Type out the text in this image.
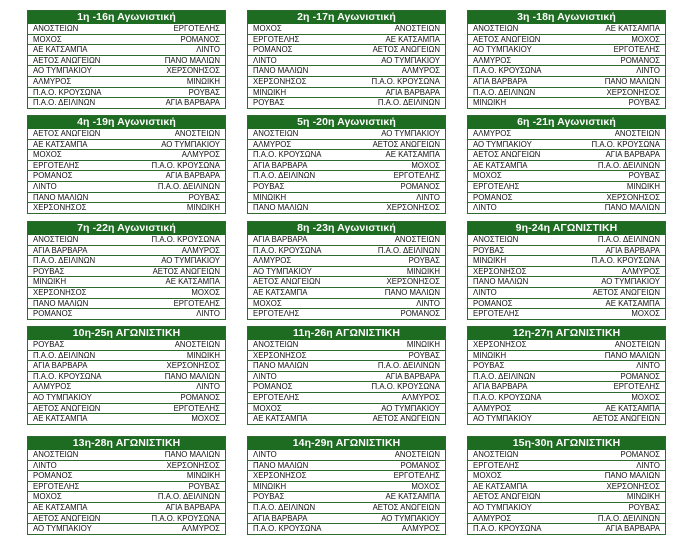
1η -16η Αγωνιστική
ΑΝΟΣΤΕΙΩΝ	ΕΡΓΟΤΕΛΗΣ
ΜΟΧΟΣ	ΡΟΜΑΝΟΣ
ΑΕ ΚΑΤΣΑΜΠΑ	ΛΙΝΤΟ
ΑΕΤΟΣ ΑΝΩΓΕΙΩΝ	ΠΑΝΟ ΜΑΛΙΩΝ
ΑΟ ΤΥΜΠΑΚΙΟΥ	ΧΕΡΣΟΝΗΣΟΣ
ΑΛΜΥΡΟΣ	ΜΙΝΩΙΚΗ
Π.Α.Ο. ΚΡΟΥΣΩΝΑ	ΡΟΥΒΑΣ
Π.Α.Ο. ΔΕΙΛΙΝΩΝ	ΑΓΙΑ ΒΑΡΒΑΡΑ
2η -17η Αγωνιστική
ΜΟΧΟΣ	ΑΝΟΣΤΕΙΩΝ
ΕΡΓΟΤΕΛΗΣ	ΑΕ ΚΑΤΣΑΜΠΑ
ΡΟΜΑΝΟΣ	ΑΕΤΟΣ ΑΝΩΓΕΙΩΝ
ΛΙΝΤΟ	ΑΟ ΤΥΜΠΑΚΙΟΥ
ΠΑΝΟ ΜΑΛΙΩΝ	ΑΛΜΥΡΟΣ
ΧΕΡΣΟΝΗΣΟΣ	Π.Α.Ο. ΚΡΟΥΣΩΝΑ
ΜΙΝΩΙΚΗ	ΑΓΙΑ ΒΑΡΒΑΡΑ
ΡΟΥΒΑΣ	Π.Α.Ο. ΔΕΙΛΙΝΩΝ
3η -18η Αγωνιστική
ΑΝΟΣΤΕΙΩΝ	ΑΕ ΚΑΤΣΑΜΠΑ
ΑΕΤΟΣ ΑΝΩΓΕΙΩΝ	ΜΟΧΟΣ
ΑΟ ΤΥΜΠΑΚΙΟΥ	ΕΡΓΟΤΕΛΗΣ
ΑΛΜΥΡΟΣ	ΡΟΜΑΝΟΣ
Π.Α.Ο. ΚΡΟΥΣΩΝΑ	ΛΙΝΤΟ
ΑΓΙΑ ΒΑΡΒΑΡΑ	ΠΑΝΟ ΜΑΛΙΩΝ
Π.Α.Ο. ΔΕΙΛΙΝΩΝ	ΧΕΡΣΟΝΗΣΟΣ
ΜΙΝΩΙΚΗ	ΡΟΥΒΑΣ
4η -19η Αγωνιστική
ΑΕΤΟΣ ΑΝΩΓΕΙΩΝ	ΑΝΟΣΤΕΙΩΝ
ΑΕ ΚΑΤΣΑΜΠΑ	ΑΟ ΤΥΜΠΑΚΙΟΥ
ΜΟΧΟΣ	ΑΛΜΥΡΟΣ
ΕΡΓΟΤΕΛΗΣ	Π.Α.Ο. ΚΡΟΥΣΩΝΑ
ΡΟΜΑΝΟΣ	ΑΓΙΑ ΒΑΡΒΑΡΑ
ΛΙΝΤΟ	Π.Α.Ο. ΔΕΙΛΙΝΩΝ
ΠΑΝΟ ΜΑΛΙΩΝ	ΡΟΥΒΑΣ
ΧΕΡΣΟΝΗΣΟΣ	ΜΙΝΩΙΚΗ
5η -20η Αγωνιστική
ΑΝΟΣΤΕΙΩΝ	ΑΟ ΤΥΜΠΑΚΙΟΥ
ΑΛΜΥΡΟΣ	ΑΕΤΟΣ ΑΝΩΓΕΙΩΝ
Π.Α.Ο. ΚΡΟΥΣΩΝΑ	ΑΕ ΚΑΤΣΑΜΠΑ
ΑΓΙΑ ΒΑΡΒΑΡΑ	ΜΟΧΟΣ
Π.Α.Ο. ΔΕΙΛΙΝΩΝ	ΕΡΓΟΤΕΛΗΣ
ΡΟΥΒΑΣ	ΡΟΜΑΝΟΣ
ΜΙΝΩΙΚΗ	ΛΙΝΤΟ
ΠΑΝΟ ΜΑΛΙΩΝ	ΧΕΡΣΟΝΗΣΟΣ
6η -21η Αγωνιστική
ΑΛΜΥΡΟΣ	ΑΝΟΣΤΕΙΩΝ
ΑΟ ΤΥΜΠΑΚΙΟΥ	Π.Α.Ο. ΚΡΟΥΣΩΝΑ
ΑΕΤΟΣ ΑΝΩΓΕΙΩΝ	ΑΓΙΑ ΒΑΡΒΑΡΑ
ΑΕ ΚΑΤΣΑΜΠΑ	Π.Α.Ο. ΔΕΙΛΙΝΩΝ
ΜΟΧΟΣ	ΡΟΥΒΑΣ
ΕΡΓΟΤΕΛΗΣ	ΜΙΝΩΙΚΗ
ΡΟΜΑΝΟΣ	ΧΕΡΣΟΝΗΣΟΣ
ΛΙΝΤΟ	ΠΑΝΟ ΜΑΛΙΩΝ
7η -22η Αγωνιστική
ΑΝΟΣΤΕΙΩΝ	Π.Α.Ο. ΚΡΟΥΣΩΝΑ
ΑΓΙΑ ΒΑΡΒΑΡΑ	ΑΛΜΥΡΟΣ
Π.Α.Ο. ΔΕΙΛΙΝΩΝ	ΑΟ ΤΥΜΠΑΚΙΟΥ
ΡΟΥΒΑΣ	ΑΕΤΟΣ ΑΝΩΓΕΙΩΝ
ΜΙΝΩΙΚΗ	ΑΕ ΚΑΤΣΑΜΠΑ
ΧΕΡΣΟΝΗΣΟΣ	ΜΟΧΟΣ
ΠΑΝΟ ΜΑΛΙΩΝ	ΕΡΓΟΤΕΛΗΣ
ΡΟΜΑΝΟΣ	ΛΙΝΤΟ
8η -23η Αγωνιστική
ΑΓΙΑ ΒΑΡΒΑΡΑ	ΑΝΟΣΤΕΙΩΝ
Π.Α.Ο. ΚΡΟΥΣΩΝΑ	Π.Α.Ο. ΔΕΙΛΙΝΩΝ
ΑΛΜΥΡΟΣ	ΡΟΥΒΑΣ
ΑΟ ΤΥΜΠΑΚΙΟΥ	ΜΙΝΩΙΚΗ
ΑΕΤΟΣ ΑΝΩΓΕΙΩΝ	ΧΕΡΣΟΝΗΣΟΣ
ΑΕ ΚΑΤΣΑΜΠΑ	ΠΑΝΟ ΜΑΛΙΩΝ
ΜΟΧΟΣ	ΛΙΝΤΟ
ΕΡΓΟΤΕΛΗΣ	ΡΟΜΑΝΟΣ
9η-24η ΑΓΩΝΙΣΤΙΚΗ
ΑΝΟΣΤΕΙΩΝ	Π.Α.Ο. ΔΕΙΛΙΝΩΝ
ΡΟΥΒΑΣ	ΑΓΙΑ ΒΑΡΒΑΡΑ
ΜΙΝΩΙΚΗ	Π.Α.Ο. ΚΡΟΥΣΩΝΑ
ΧΕΡΣΟΝΗΣΟΣ	ΑΛΜΥΡΟΣ
ΠΑΝΟ ΜΑΛΙΩΝ	ΑΟ ΤΥΜΠΑΚΙΟΥ
ΛΙΝΤΟ	ΑΕΤΟΣ ΑΝΩΓΕΙΩΝ
ΡΟΜΑΝΟΣ	ΑΕ ΚΑΤΣΑΜΠΑ
ΕΡΓΟΤΕΛΗΣ	ΜΟΧΟΣ
10η-25η ΑΓΩΝΙΣΤΙΚΗ
ΡΟΥΒΑΣ	ΑΝΟΣΤΕΙΩΝ
Π.Α.Ο. ΔΕΙΛΙΝΩΝ	ΜΙΝΩΙΚΗ
ΑΓΙΑ ΒΑΡΒΑΡΑ	ΧΕΡΣΟΝΗΣΟΣ
Π.Α.Ο. ΚΡΟΥΣΩΝΑ	ΠΑΝΟ ΜΑΛΙΩΝ
ΑΛΜΥΡΟΣ	ΛΙΝΤΟ
ΑΟ ΤΥΜΠΑΚΙΟΥ	ΡΟΜΑΝΟΣ
ΑΕΤΟΣ ΑΝΩΓΕΙΩΝ	ΕΡΓΟΤΕΛΗΣ
ΑΕ ΚΑΤΣΑΜΠΑ	ΜΟΧΟΣ
11η-26η ΑΓΩΝΙΣΤΙΚΗ
ΑΝΟΣΤΕΙΩΝ	ΜΙΝΩΙΚΗ
ΧΕΡΣΟΝΗΣΟΣ	ΡΟΥΒΑΣ
ΠΑΝΟ ΜΑΛΙΩΝ	Π.Α.Ο. ΔΕΙΛΙΝΩΝ
ΛΙΝΤΟ	ΑΓΙΑ ΒΑΡΒΑΡΑ
ΡΟΜΑΝΟΣ	Π.Α.Ο. ΚΡΟΥΣΩΝΑ
ΕΡΓΟΤΕΛΗΣ	ΑΛΜΥΡΟΣ
ΜΟΧΟΣ	ΑΟ ΤΥΜΠΑΚΙΟΥ
ΑΕ ΚΑΤΣΑΜΠΑ	ΑΕΤΟΣ ΑΝΩΓΕΙΩΝ
12η-27η ΑΓΩΝΙΣΤΙΚΗ
ΧΕΡΣΟΝΗΣΟΣ	ΑΝΟΣΤΕΙΩΝ
ΜΙΝΩΙΚΗ	ΠΑΝΟ ΜΑΛΙΩΝ
ΡΟΥΒΑΣ	ΛΙΝΤΟ
Π.Α.Ο. ΔΕΙΛΙΝΩΝ	ΡΟΜΑΝΟΣ
ΑΓΙΑ ΒΑΡΒΑΡΑ	ΕΡΓΟΤΕΛΗΣ
Π.Α.Ο. ΚΡΟΥΣΩΝΑ	ΜΟΧΟΣ
ΑΛΜΥΡΟΣ	ΑΕ ΚΑΤΣΑΜΠΑ
ΑΟ ΤΥΜΠΑΚΙΟΥ	ΑΕΤΟΣ ΑΝΩΓΕΙΩΝ
13η-28η ΑΓΩΝΙΣΤΙΚΗ
ΑΝΟΣΤΕΙΩΝ	ΠΑΝΟ ΜΑΛΙΩΝ
ΛΙΝΤΟ	ΧΕΡΣΟΝΗΣΟΣ
ΡΟΜΑΝΟΣ	ΜΙΝΩΙΚΗ
ΕΡΓΟΤΕΛΗΣ	ΡΟΥΒΑΣ
ΜΟΧΟΣ	Π.Α.Ο. ΔΕΙΛΙΝΩΝ
ΑΕ ΚΑΤΣΑΜΠΑ	ΑΓΙΑ ΒΑΡΒΑΡΑ
ΑΕΤΟΣ ΑΝΩΓΕΙΩΝ	Π.Α.Ο. ΚΡΟΥΣΩΝΑ
ΑΟ ΤΥΜΠΑΚΙΟΥ	ΑΛΜΥΡΟΣ
14η-29η ΑΓΩΝΙΣΤΙΚΗ
ΛΙΝΤΟ	ΑΝΟΣΤΕΙΩΝ
ΠΑΝΟ ΜΑΛΙΩΝ	ΡΟΜΑΝΟΣ
ΧΕΡΣΟΝΗΣΟΣ	ΕΡΓΟΤΕΛΗΣ
ΜΙΝΩΙΚΗ	ΜΟΧΟΣ
ΡΟΥΒΑΣ	ΑΕ ΚΑΤΣΑΜΠΑ
Π.Α.Ο. ΔΕΙΛΙΝΩΝ	ΑΕΤΟΣ ΑΝΩΓΕΙΩΝ
ΑΓΙΑ ΒΑΡΒΑΡΑ	ΑΟ ΤΥΜΠΑΚΙΟΥ
Π.Α.Ο. ΚΡΟΥΣΩΝΑ	ΑΛΜΥΡΟΣ
15η-30η ΑΓΩΝΙΣΤΙΚΗ
ΑΝΟΣΤΕΙΩΝ	ΡΟΜΑΝΟΣ
ΕΡΓΟΤΕΛΗΣ	ΛΙΝΤΟ
ΜΟΧΟΣ	ΠΑΝΟ ΜΑΛΙΩΝ
ΑΕ ΚΑΤΣΑΜΠΑ	ΧΕΡΣΟΝΗΣΟΣ
ΑΕΤΟΣ ΑΝΩΓΕΙΩΝ	ΜΙΝΩΙΚΗ
ΑΟ ΤΥΜΠΑΚΙΟΥ	ΡΟΥΒΑΣ
ΑΛΜΥΡΟΣ	Π.Α.Ο. ΔΕΙΛΙΝΩΝ
Π.Α.Ο. ΚΡΟΥΣΩΝΑ	ΑΓΙΑ ΒΑΡΒΑΡΑ
